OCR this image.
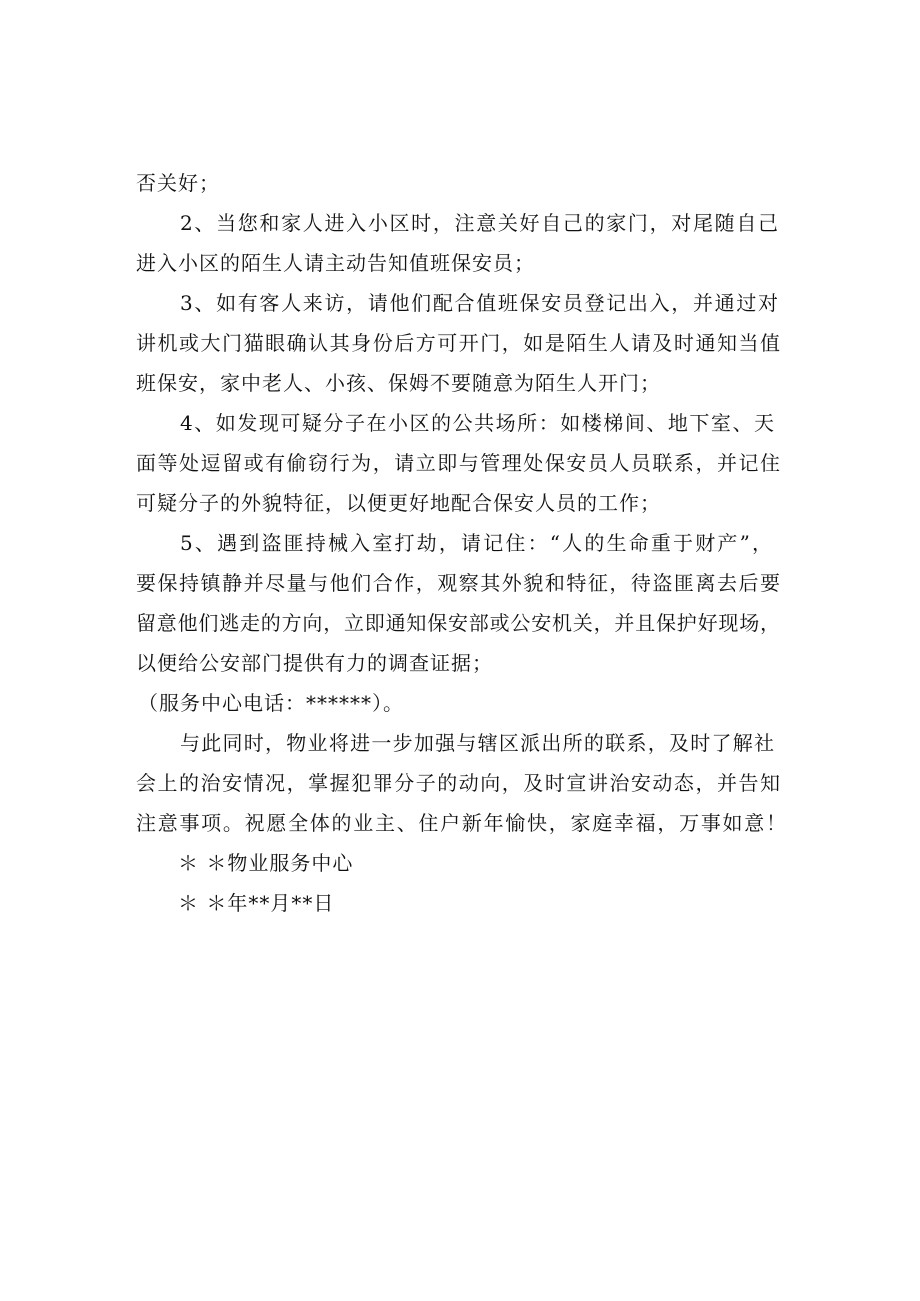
否关好；
2、当您和家人进入小区时，注意关好自己的家门，对尾随自己
进入小区的陌生人请主动告知值班保安员；
3、如有客人来访，请他们配合值班保安员登记出入，并通过对
讲机或大门猫眼确认其身份后方可开门，如是陌生人请及时通知当值
班保安，家中老人、小孩、保姆不要随意为陌生人开门；
4、如发现可疑分子在小区的公共场所：如楼梯间、地下室、天
面等处逗留或有偷窃行为，请立即与管理处保安员人员联系，并记住
可疑分子的外貌特征，以便更好地配合保安人员的工作；
5、遇到盗匪持械入室打劫，请记住：“人的生命重于财产”，
要保持镇静并尽量与他们合作，观察其外貌和特征，待盗匪离去后要
留意他们逃走的方向，立即通知保安部或公安机关，并且保护好现场，
以便给公安部门提供有力的调查证据；
（服务中心电话：******）。
与此同时，物业将进一步加强与辖区派出所的联系，及时了解社
会上的治安情况，掌握犯罪分子的动向，及时宣讲治安动态，并告知
注意事项。祝愿全体的业主、住户新年愉快，家庭幸福，万事如意！
＊ ＊物业服务中心
＊ ＊年**月**日
